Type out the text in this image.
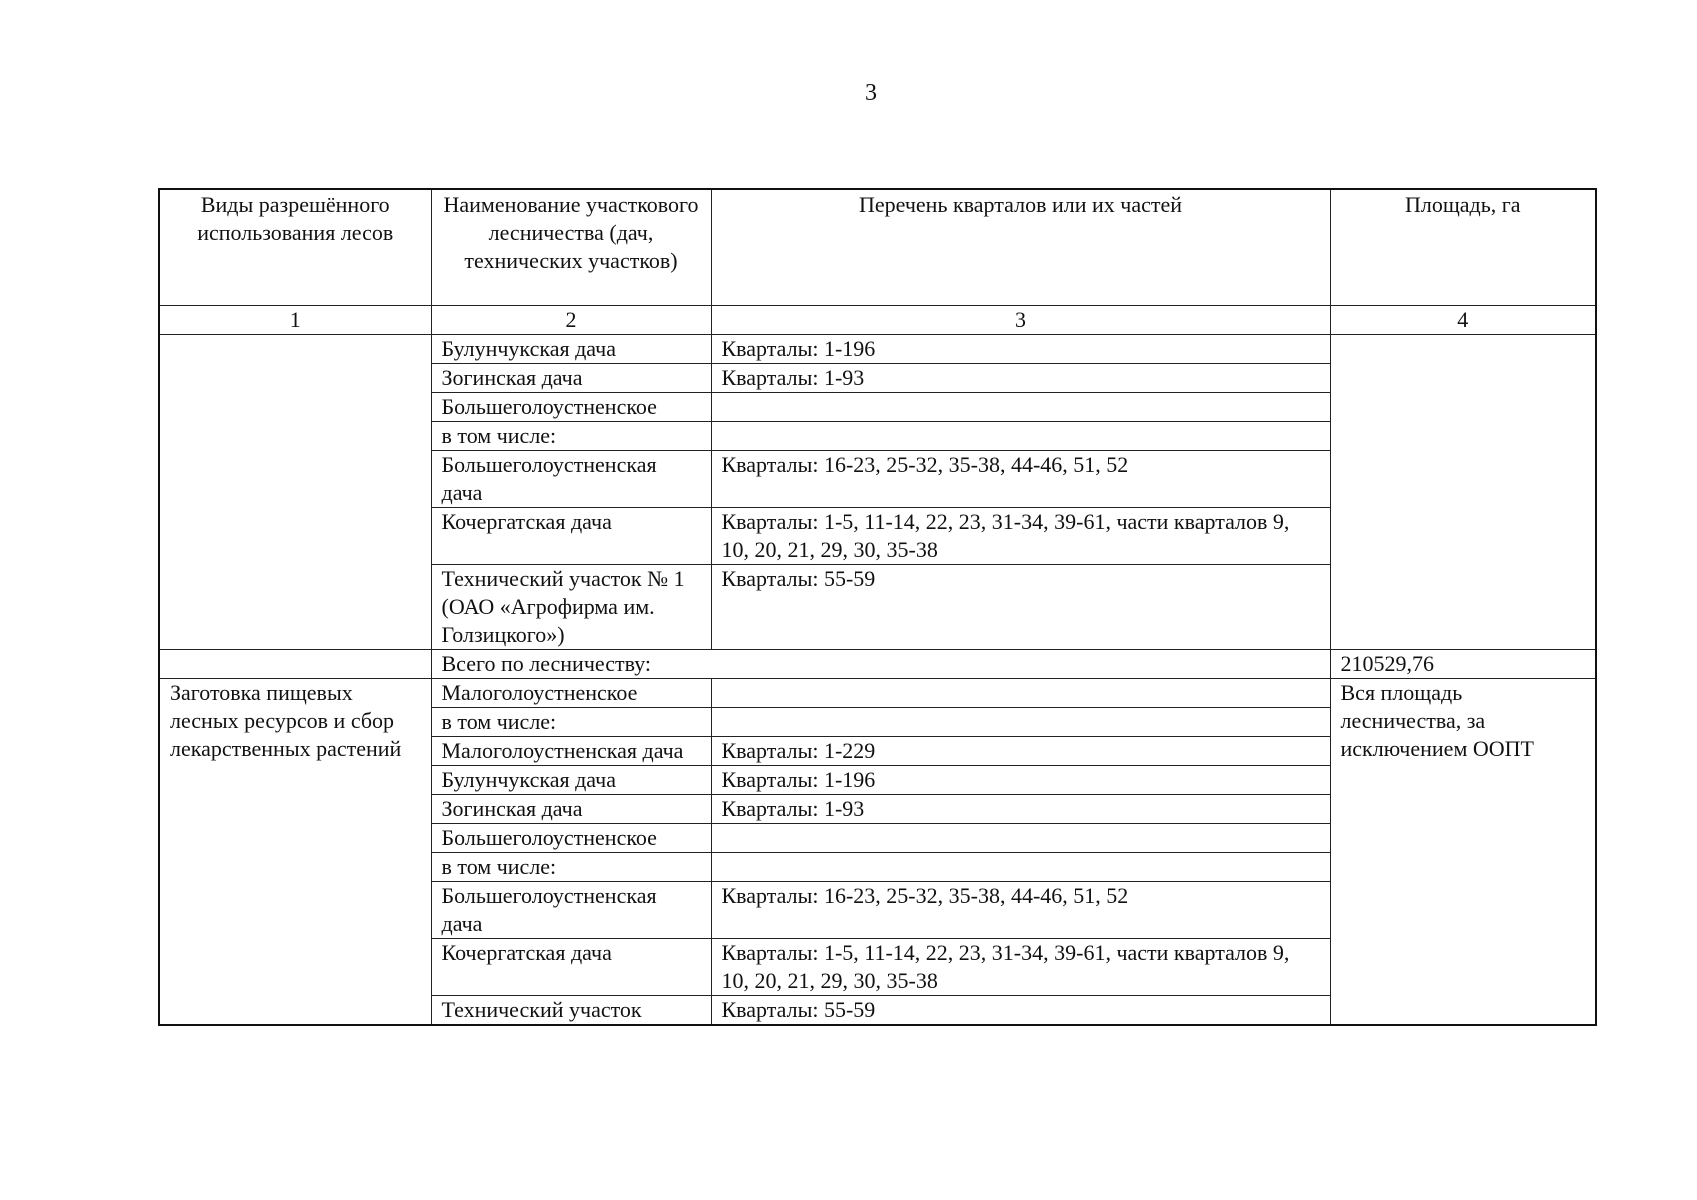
3
Виды разрешённого использования лесов	Наименование участкового лесничества (дач, технических участков)	Перечень кварталов или их частей	Площадь, га
1	2	3	4
	Булунчукская дача	Кварталы: 1-196	
	Зогинская дача	Кварталы: 1-93	
	Большеголоустненское		
	в том числе:		
	Большеголоустненская дача	Кварталы: 16-23, 25-32, 35-38, 44-46, 51, 52	
	Кочергатская дача	Кварталы: 1-5, 11-14, 22, 23, 31-34, 39-61, части кварталов 9, 10, 20, 21, 29, 30, 35-38	
	Технический участок № 1 (ОАО «Агрофирма им. Голзицкого»)	Кварталы: 55-59	
	Всего по лесничеству:		210529,76
Заготовка пищевых лесных ресурсов и сбор лекарственных растений	Малоголоустненское		Вся площадь лесничества, за исключением ООПТ
	в том числе:		
	Малоголоустненская дача	Кварталы: 1-229	
	Булунчукская дача	Кварталы: 1-196	
	Зогинская дача	Кварталы: 1-93	
	Большеголоустненское		
	в том числе:		
	Большеголоустненская дача	Кварталы: 16-23, 25-32, 35-38, 44-46, 51, 52	
	Кочергатская дача	Кварталы: 1-5, 11-14, 22, 23, 31-34, 39-61, части кварталов 9, 10, 20, 21, 29, 30, 35-38	
	Технический участок	Кварталы: 55-59	
